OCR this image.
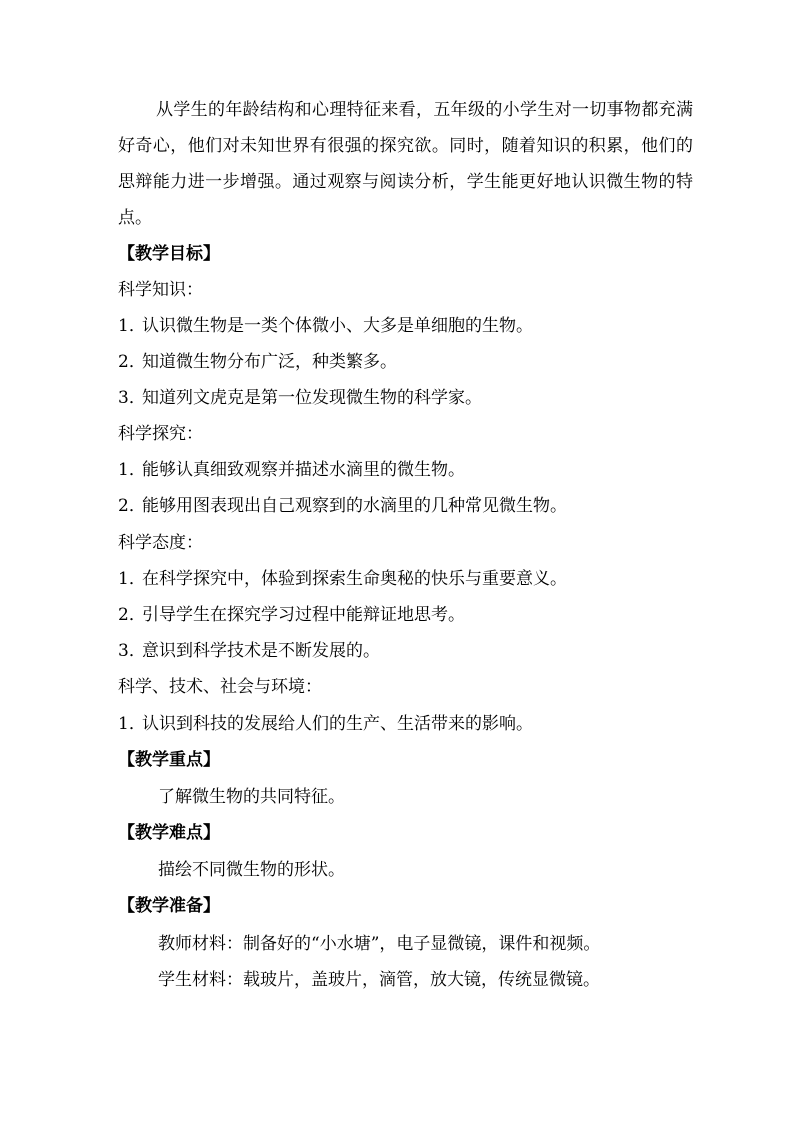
从学生的年龄结构和心理特征来看，五年级的小学生对一切事物都充满好奇心，他们对未知世界有很强的探究欲。同时，随着知识的积累，他们的思辩能力进一步增强。通过观察与阅读分析，学生能更好地认识微生物的特点。

【教学目标】
科学知识：
1．认识微生物是一类个体微小、大多是单细胞的生物。
2．知道微生物分布广泛，种类繁多。
3．知道列文虎克是第一位发现微生物的科学家。
科学探究：
1．能够认真细致观察并描述水滴里的微生物。
2．能够用图表现出自己观察到的水滴里的几种常见微生物。
科学态度：
1．在科学探究中，体验到探索生命奥秘的快乐与重要意义。
2．引导学生在探究学习过程中能辩证地思考。
3．意识到科学技术是不断发展的。
科学、技术、社会与环境：
1．认识到科技的发展给人们的生产、生活带来的影响。
【教学重点】
了解微生物的共同特征。
【教学难点】
描绘不同微生物的形状。
【教学准备】
教师材料：制备好的“小水塘”，电子显微镜，课件和视频。
学生材料：载玻片，盖玻片，滴管，放大镜，传统显微镜。
